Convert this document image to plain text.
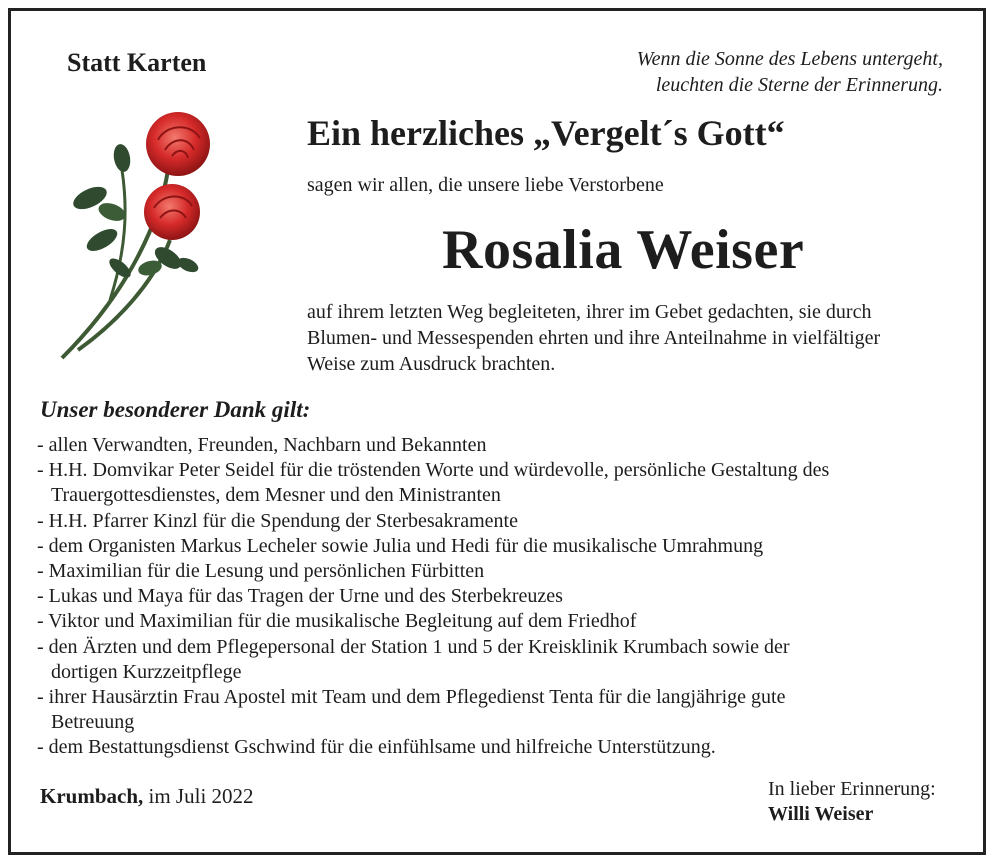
Statt Karten	Wenn die Sonne des Lebens untergeht,
leuchten die Sterne der Erinnerung.
Ein herzliches „Vergelt´s Gott“
sagen wir allen, die unsere liebe Verstorbene
Rosalia Weiser
auf ihrem letzten Weg begleiteten, ihrer im Gebet gedachten, sie durch
Blumen- und Messespenden ehrten und ihre Anteilnahme in vielfältiger
Weise zum Ausdruck brachten.
Unser besonderer Dank gilt:
- allen Verwandten, Freunden, Nachbarn und Bekannten
- H.H. Domvikar Peter Seidel für die tröstenden Worte und würdevolle, persönliche Gestaltung des
Trauergottesdienstes, dem Mesner und den Ministranten
- H.H. Pfarrer Kinzl für die Spendung der Sterbesakramente
- dem Organisten Markus Lecheler sowie Julia und Hedi für die musikalische Umrahmung
- Maximilian für die Lesung und persönlichen Fürbitten
- Lukas und Maya für das Tragen der Urne und des Sterbekreuzes
- Viktor und Maximilian für die musikalische Begleitung auf dem Friedhof
- den Ärzten und dem Pflegepersonal der Station 1 und 5 der Kreisklinik Krumbach sowie der
dortigen Kurzzeitpflege
- ihrer Hausärztin Frau Apostel mit Team und dem Pflegedienst Tenta für die langjährige gute
Betreuung
- dem Bestattungsdienst Gschwind für die einfühlsame und hilfreiche Unterstützung.
Krumbach, im Juli 2022	In lieber Erinnerung:
Willi Weiser
